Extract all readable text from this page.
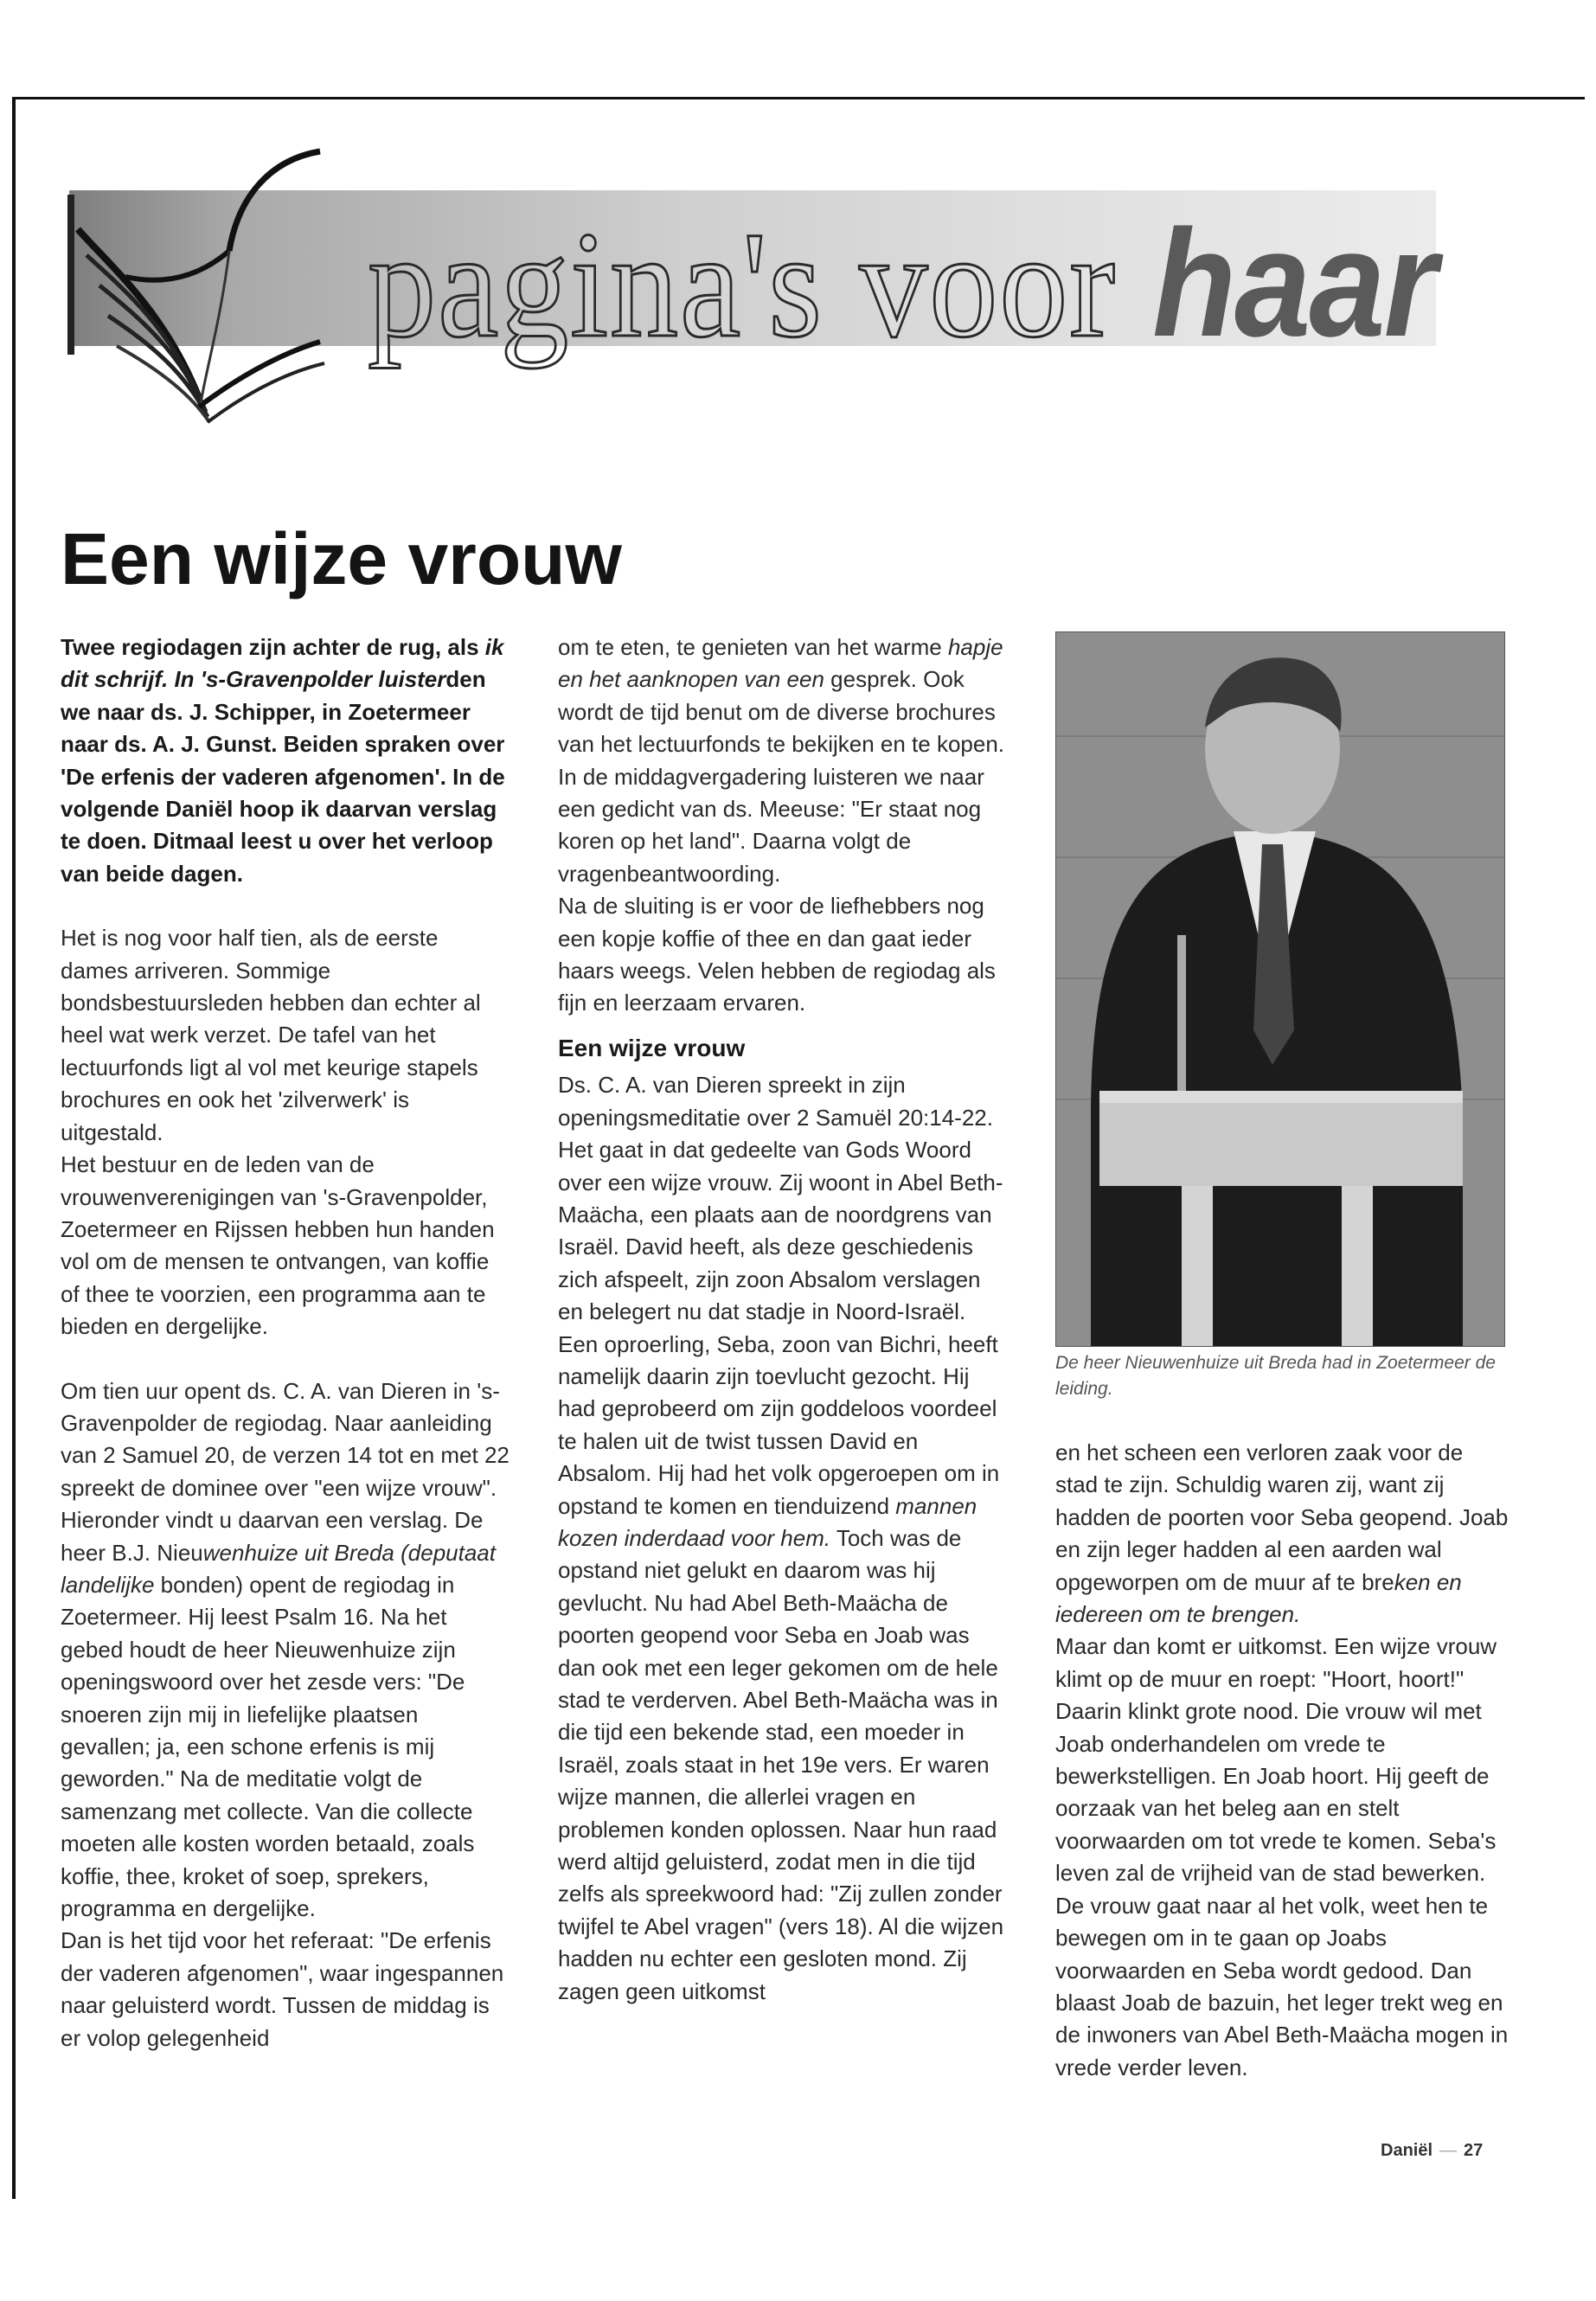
pagina's voor haar
Een wijze vrouw

Twee regiodagen zijn achter de rug, als ik dit schrijf. In 's-Gravenpolder luisterden we naar ds. J. Schipper, in Zoetermeer naar ds. A. J. Gunst. Beiden spraken over 'De erfenis der vaderen afgenomen'. In de volgende Daniël hoop ik daarvan verslag te doen. Ditmaal leest u over het verloop van beide dagen.

Het is nog voor half tien, als de eerste dames arriveren. Sommige bondsbestuursleden hebben dan echter al heel wat werk verzet. De tafel van het lectuurfonds ligt al vol met keurige stapels brochures en ook het 'zilverwerk' is uitgestald.

Het bestuur en de leden van de vrouwenverenigingen van 's-Gravenpolder, Zoetermeer en Rijssen hebben hun handen vol om de mensen te ontvangen, van koffie of thee te voorzien, een programma aan te bieden en dergelijke.

Om tien uur opent ds. C. A. van Dieren in 's-Gravenpolder de regiodag. Naar aanleiding van 2 Samuel 20, de verzen 14 tot en met 22 spreekt de dominee over "een wijze vrouw". Hieronder vindt u daarvan een verslag. De heer B.J. Nieuwenhuize uit Breda (deputaat landelijke bonden) opent de regiodag in Zoetermeer. Hij leest Psalm 16. Na het gebed houdt de heer Nieuwenhuize zijn openingswoord over het zesde vers: "De snoeren zijn mij in liefelijke plaatsen gevallen; ja, een schone erfenis is mij geworden." Na de meditatie volgt de samenzang met collecte. Van die collecte moeten alle kosten worden betaald, zoals koffie, thee, kroket of soep, sprekers, programma en dergelijke.

Dan is het tijd voor het referaat: "De erfenis der vaderen afgenomen", waar ingespannen naar geluisterd wordt. Tussen de middag is er volop gelegenheid

om te eten, te genieten van het warme hapje en het aanknopen van een gesprek. Ook wordt de tijd benut om de diverse brochures van het lectuurfonds te bekijken en te kopen. In de middagvergadering luisteren we naar een gedicht van ds. Meeuse: "Er staat nog koren op het land". Daarna volgt de vragenbeantwoording.

Na de sluiting is er voor de liefhebbers nog een kopje koffie of thee en dan gaat ieder haars weegs. Velen hebben de regiodag als fijn en leerzaam ervaren.

Een wijze vrouw

Ds. C. A. van Dieren spreekt in zijn openingsmeditatie over 2 Samuël 20:14-22. Het gaat in dat gedeelte van Gods Woord over een wijze vrouw. Zij woont in Abel Beth-Maächa, een plaats aan de noordgrens van Israël. David heeft, als deze geschiedenis zich afspeelt, zijn zoon Absalom verslagen en belegert nu dat stadje in Noord-Israël. Een oproerling, Seba, zoon van Bichri, heeft namelijk daarin zijn toevlucht gezocht. Hij had geprobeerd om zijn goddeloos voordeel te halen uit de twist tussen David en Absalom. Hij had het volk opgeroepen om in opstand te komen en tienduizend mannen kozen inderdaad voor hem. Toch was de opstand niet gelukt en daarom was hij gevlucht. Nu had Abel Beth-Maächa de poorten geopend voor Seba en Joab was dan ook met een leger gekomen om de hele stad te verderven. Abel Beth-Maächa was in die tijd een bekende stad, een moeder in Israël, zoals staat in het 19e vers. Er waren wijze mannen, die allerlei vragen en problemen konden oplossen. Naar hun raad werd altijd geluisterd, zodat men in die tijd zelfs als spreekwoord had: "Zij zullen zonder twijfel te Abel vragen" (vers 18). Al die wijzen hadden nu echter een gesloten mond. Zij zagen geen uitkomst

De heer Nieuwenhuize uit Breda had in Zoetermeer de leiding.

en het scheen een verloren zaak voor de stad te zijn. Schuldig waren zij, want zij hadden de poorten voor Seba geopend. Joab en zijn leger hadden al een aarden wal opgeworpen om de muur af te breken en iedereen om te brengen.

Maar dan komt er uitkomst. Een wijze vrouw klimt op de muur en roept: "Hoort, hoort!" Daarin klinkt grote nood. Die vrouw wil met Joab onderhandelen om vrede te bewerkstelligen. En Joab hoort. Hij geeft de oorzaak van het beleg aan en stelt voorwaarden om tot vrede te komen. Seba's leven zal de vrijheid van de stad bewerken. De vrouw gaat naar al het volk, weet hen te bewegen om in te gaan op Joabs voorwaarden en Seba wordt gedood. Dan blaast Joab de bazuin, het leger trekt weg en de inwoners van Abel Beth-Maächa mogen in vrede verder leven.

Daniël — 27
